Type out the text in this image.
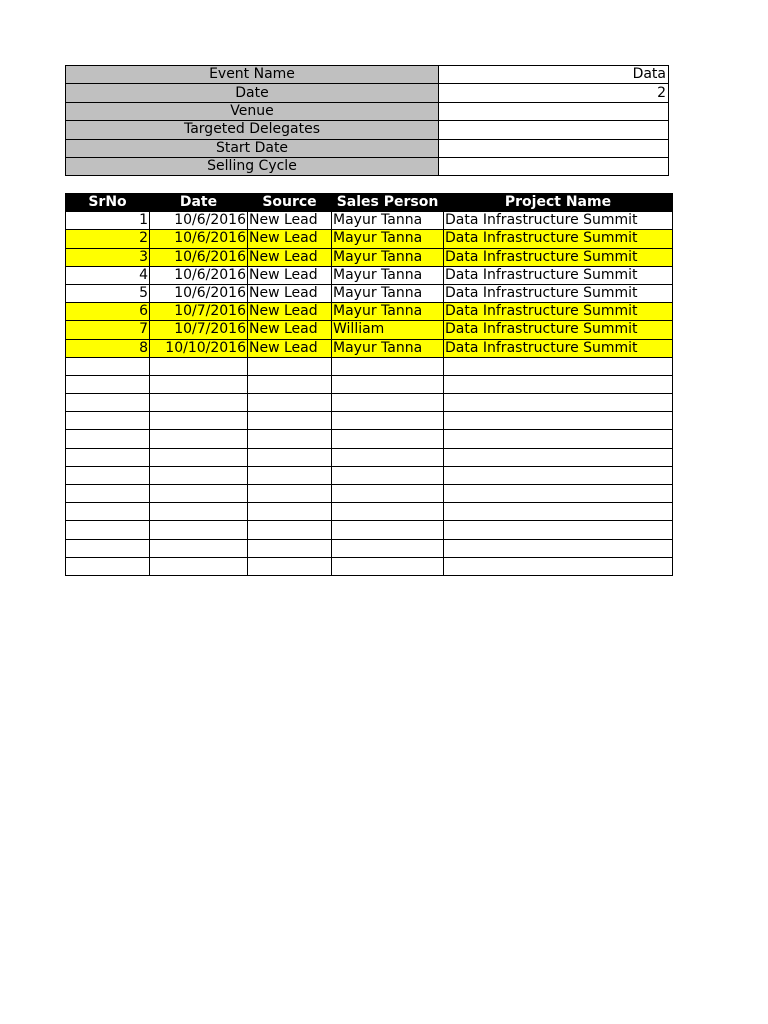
Event Name	Data
Date	2
Venue	
Targeted Delegates	
Start Date	
Selling Cycle	
SrNo	Date	Source	Sales Person	Project Name
1	10/6/2016	New Lead	Mayur Tanna	Data Infrastructure Summit
2	10/6/2016	New Lead	Mayur Tanna	Data Infrastructure Summit
3	10/6/2016	New Lead	Mayur Tanna	Data Infrastructure Summit
4	10/6/2016	New Lead	Mayur Tanna	Data Infrastructure Summit
5	10/6/2016	New Lead	Mayur Tanna	Data Infrastructure Summit
6	10/7/2016	New Lead	Mayur Tanna	Data Infrastructure Summit
7	10/7/2016	New Lead	William	Data Infrastructure Summit
8	10/10/2016	New Lead	Mayur Tanna	Data Infrastructure Summit
